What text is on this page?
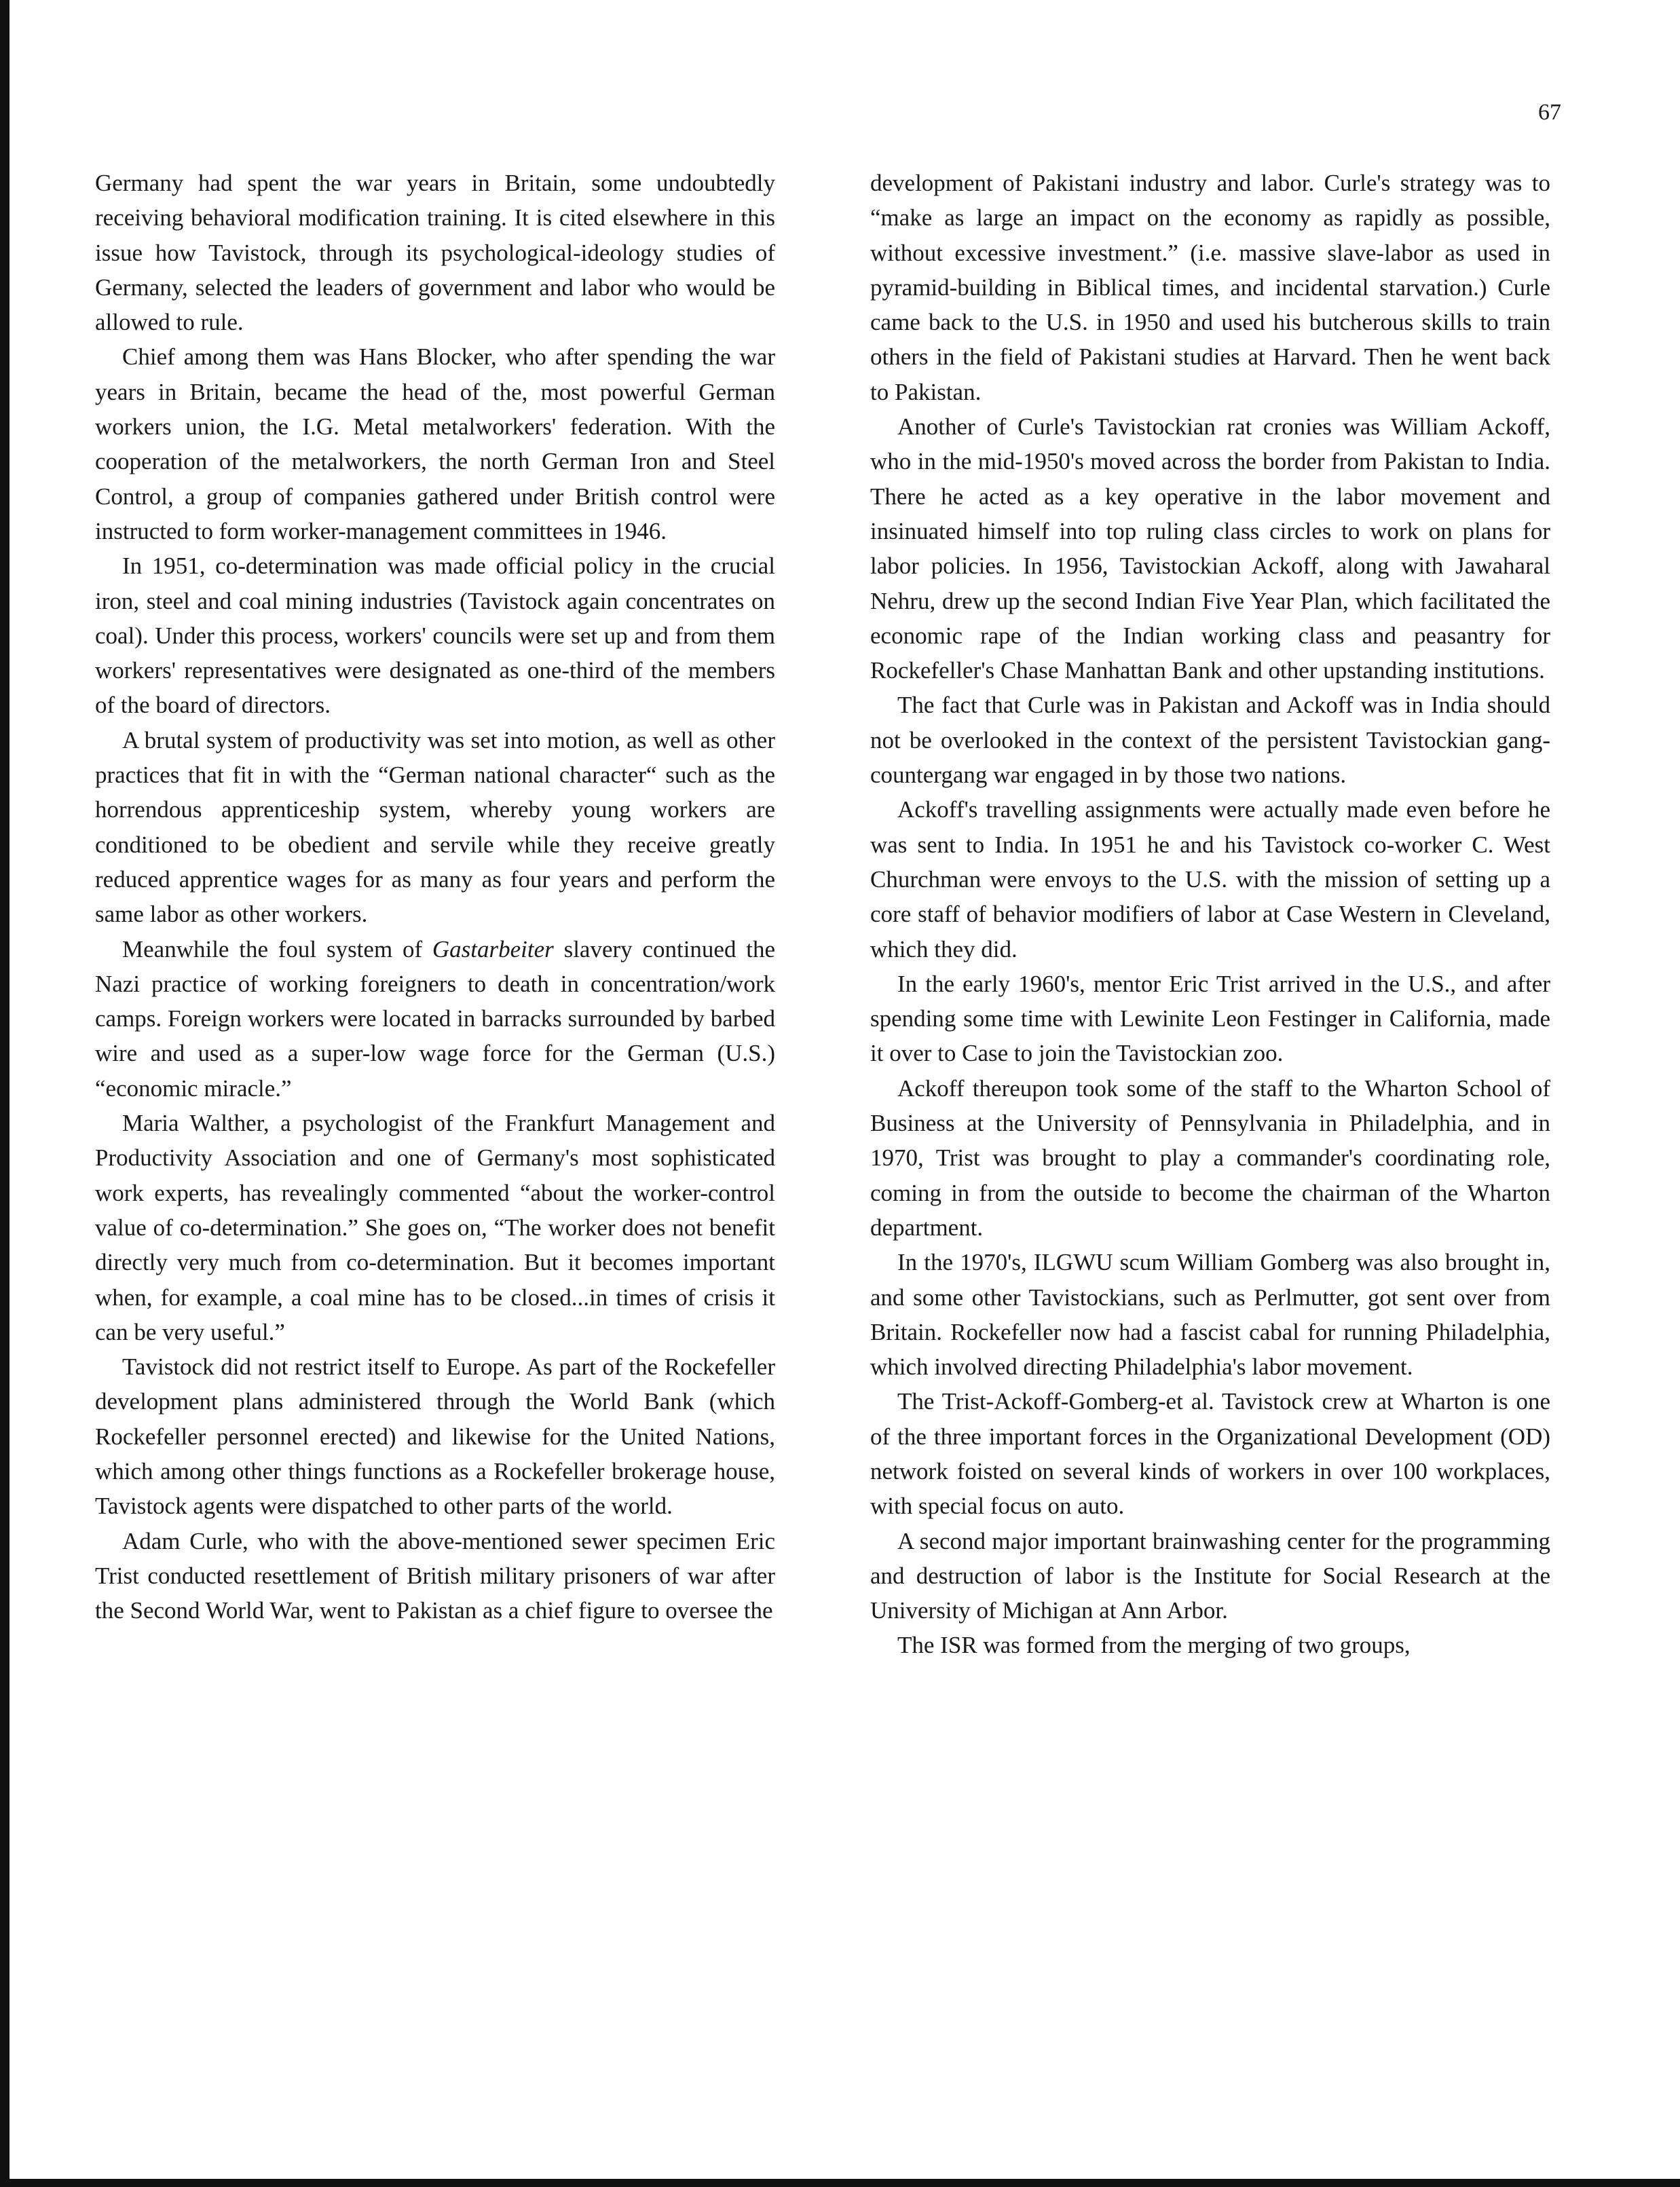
67

Germany had spent the war years in Britain, some undoubtedly receiving behavioral modification training. It is cited elsewhere in this issue how Tavistock, through its psychological-ideology studies of Germany, selected the leaders of government and labor who would be allowed to rule.

Chief among them was Hans Blocker, who after spending the war years in Britain, became the head of the, most powerful German workers union, the I.G. Metal metalworkers' federation. With the cooperation of the metalworkers, the north German Iron and Steel Control, a group of companies gathered under British control were instructed to form worker-management committees in 1946.

In 1951, co-determination was made official policy in the crucial iron, steel and coal mining industries (Tavistock again concentrates on coal). Under this process, workers' councils were set up and from them workers' representatives were designated as one-third of the members of the board of directors.

A brutal system of productivity was set into motion, as well as other practices that fit in with the “German national character“ such as the horrendous apprenticeship system, whereby young workers are conditioned to be obedient and servile while they receive greatly reduced apprentice wages for as many as four years and perform the same labor as other workers.

Meanwhile the foul system of Gastarbeiter slavery continued the Nazi practice of working foreigners to death in concentration/work camps. Foreign workers were located in barracks surrounded by barbed wire and used as a super-low wage force for the German (U.S.) “economic miracle.”

Maria Walther, a psychologist of the Frankfurt Management and Productivity Association and one of Germany's most sophisticated work experts, has revealingly commented “about the worker-control value of co-determination.” She goes on, “The worker does not benefit directly very much from co-determination. But it becomes important when, for example, a coal mine has to be closed...in times of crisis it can be very useful.”

Tavistock did not restrict itself to Europe. As part of the Rockefeller development plans administered through the World Bank (which Rockefeller personnel erected) and likewise for the United Nations, which among other things functions as a Rockefeller brokerage house, Tavistock agents were dispatched to other parts of the world.

Adam Curle, who with the above-mentioned sewer specimen Eric Trist conducted resettlement of British military prisoners of war after the Second World War, went to Pakistan as a chief figure to oversee the

development of Pakistani industry and labor. Curle's strategy was to “make as large an impact on the economy as rapidly as possible, without excessive investment.” (i.e. massive slave-labor as used in pyramid-building in Biblical times, and incidental starvation.) Curle came back to the U.S. in 1950 and used his butcherous skills to train others in the field of Pakistani studies at Harvard. Then he went back to Pakistan.

Another of Curle's Tavistockian rat cronies was William Ackoff, who in the mid-1950's moved across the border from Pakistan to India. There he acted as a key operative in the labor movement and insinuated himself into top ruling class circles to work on plans for labor policies. In 1956, Tavistockian Ackoff, along with Jawaharal Nehru, drew up the second Indian Five Year Plan, which facilitated the economic rape of the Indian working class and peasantry for Rockefeller's Chase Manhattan Bank and other upstanding institutions.

The fact that Curle was in Pakistan and Ackoff was in India should not be overlooked in the context of the persistent Tavistockian gang-countergang war engaged in by those two nations.

Ackoff's travelling assignments were actually made even before he was sent to India. In 1951 he and his Tavistock co-worker C. West Churchman were envoys to the U.S. with the mission of setting up a core staff of behavior modifiers of labor at Case Western in Cleveland, which they did.

In the early 1960's, mentor Eric Trist arrived in the U.S., and after spending some time with Lewinite Leon Festinger in California, made it over to Case to join the Tavistockian zoo.

Ackoff thereupon took some of the staff to the Wharton School of Business at the University of Pennsylvania in Philadelphia, and in 1970, Trist was brought to play a commander's coordinating role, coming in from the outside to become the chairman of the Wharton department.

In the 1970's, ILGWU scum William Gomberg was also brought in, and some other Tavistockians, such as Perlmutter, got sent over from Britain. Rockefeller now had a fascist cabal for running Philadelphia, which involved directing Philadelphia's labor movement.

The Trist-Ackoff-Gomberg-et al. Tavistock crew at Wharton is one of the three important forces in the Organizational Development (OD) network foisted on several kinds of workers in over 100 workplaces, with special focus on auto.

A second major important brainwashing center for the programming and destruction of labor is the Institute for Social Research at the University of Michigan at Ann Arbor.

The ISR was formed from the merging of two groups,
